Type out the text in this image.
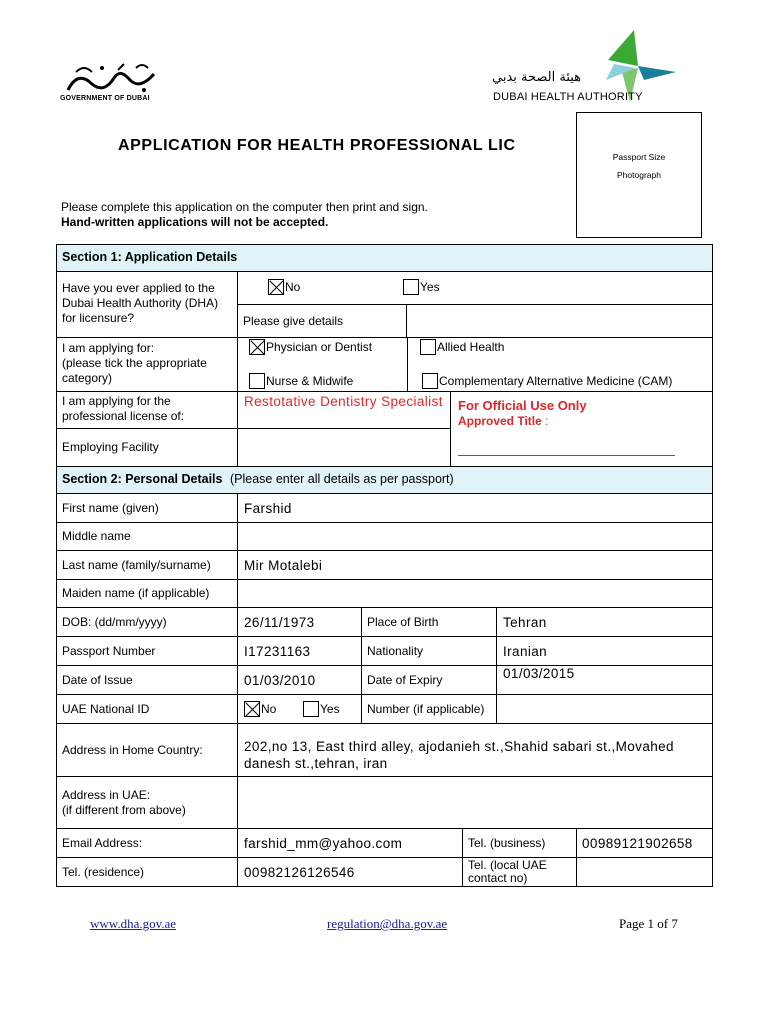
GOVERNMENT OF DUBAI
هيئة الصحة بدبي
DUBAI HEALTH AUTHORITY
APPLICATION FOR HEALTH PROFESSIONAL LIC
Passport Size
Photograph
Please complete this application on the computer then print and sign.
Hand-written applications will not be accepted.
Section 1: Application Details
Have you ever applied to the Dubai Health Authority (DHA) for licensure?
No	Yes
Please give details
I am applying for:
(please tick the appropriate category)
Physician or Dentist	Allied Health
Nurse & Midwife	Complementary Alternative Medicine (CAM)
I am applying for the professional license of:
Restotative Dentistry Specialist	For Official Use Only
Approved Title :
Employing Facility
Section 2: Personal Details (Please enter all details as per passport)
First name (given)	Farshid
Middle name
Last name (family/surname)	Mir Motalebi
Maiden name (if applicable)
DOB: (dd/mm/yyyy)	26/11/1973	Place of Birth	Tehran
Passport Number	I17231163	Nationality	Iranian
Date of Issue	01/03/2010	Date of Expiry	01/03/2015
UAE National ID	No	Yes	Number (if applicable)
Address in Home Country:	202,no 13, East third alley, ajodanieh st.,Shahid sabari st.,Movahed danesh st.,tehran, iran
Address in UAE:
(if different from above)
Email Address:	farshid_mm@yahoo.com	Tel. (business)	00989121902658
Tel. (residence)	00982126126546	Tel. (local UAE contact no)
www.dha.gov.ae	regulation@dha.gov.ae	Page 1 of 7
